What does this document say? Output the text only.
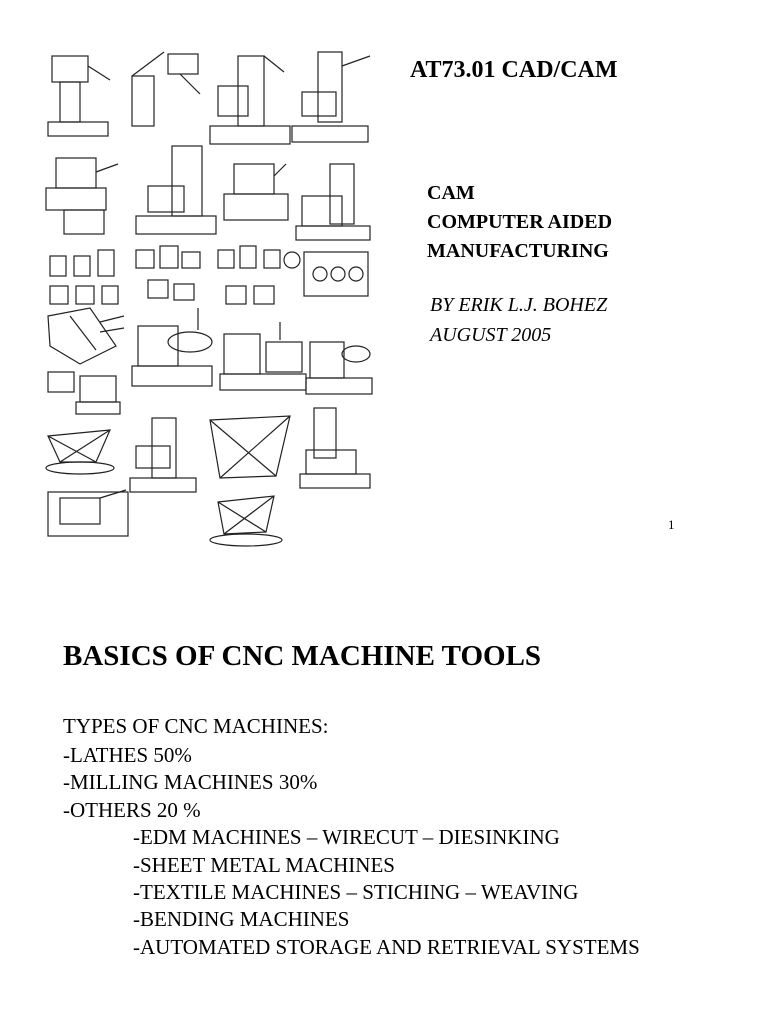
AT73.01 CAD/CAM
CAM
COMPUTER AIDED
MANUFACTURING
BY ERIK L.J. BOHEZ
AUGUST 2005
1
BASICS OF CNC MACHINE TOOLS
TYPES OF CNC MACHINES:
-LATHES 50%
-MILLING MACHINES 30%
-OTHERS 20 %
-EDM MACHINES – WIRECUT – DIESINKING
-SHEET METAL MACHINES
-TEXTILE MACHINES – STICHING – WEAVING
-BENDING MACHINES
-AUTOMATED STORAGE AND RETRIEVAL SYSTEMS
